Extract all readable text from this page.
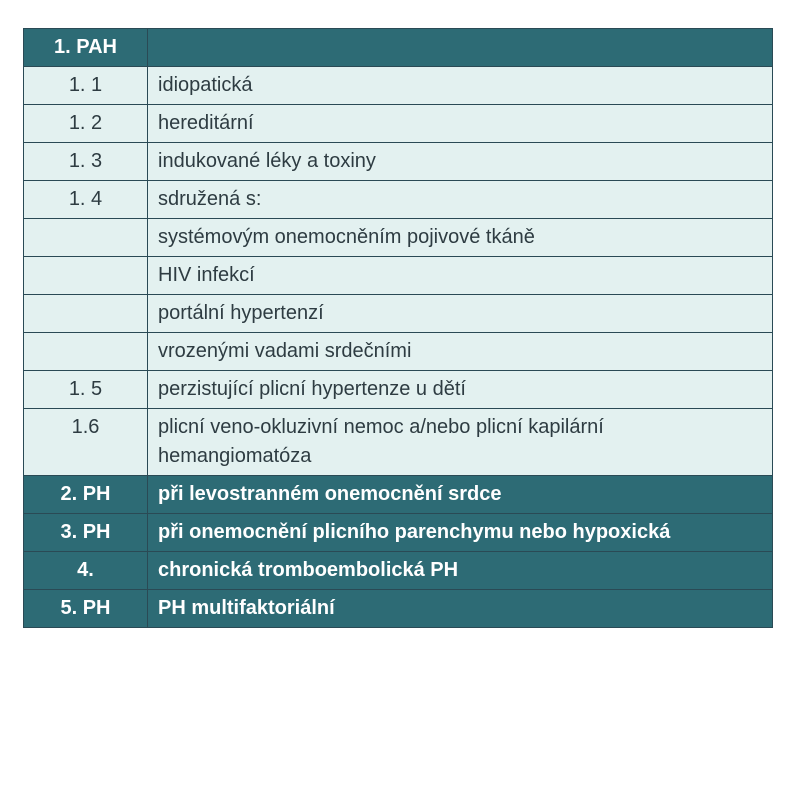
1. PAH	
1. 1	idiopatická
1. 2	hereditární
1. 3	indukované léky a toxiny
1. 4	sdružená s:
	systémovým onemocněním pojivové tkáně
	HIV infekcí
	portální hypertenzí
	vrozenými vadami srdečními
1. 5	perzistující plicní hypertenze u dětí
1.6	plicní veno-okluzivní nemoc a/nebo plicní kapilární hemangiomatóza
2. PH	při levostranném onemocnění srdce
3. PH	při onemocnění plicního parenchymu nebo hypoxická
4.	chronická tromboembolická PH
5. PH	PH multifaktoriální
